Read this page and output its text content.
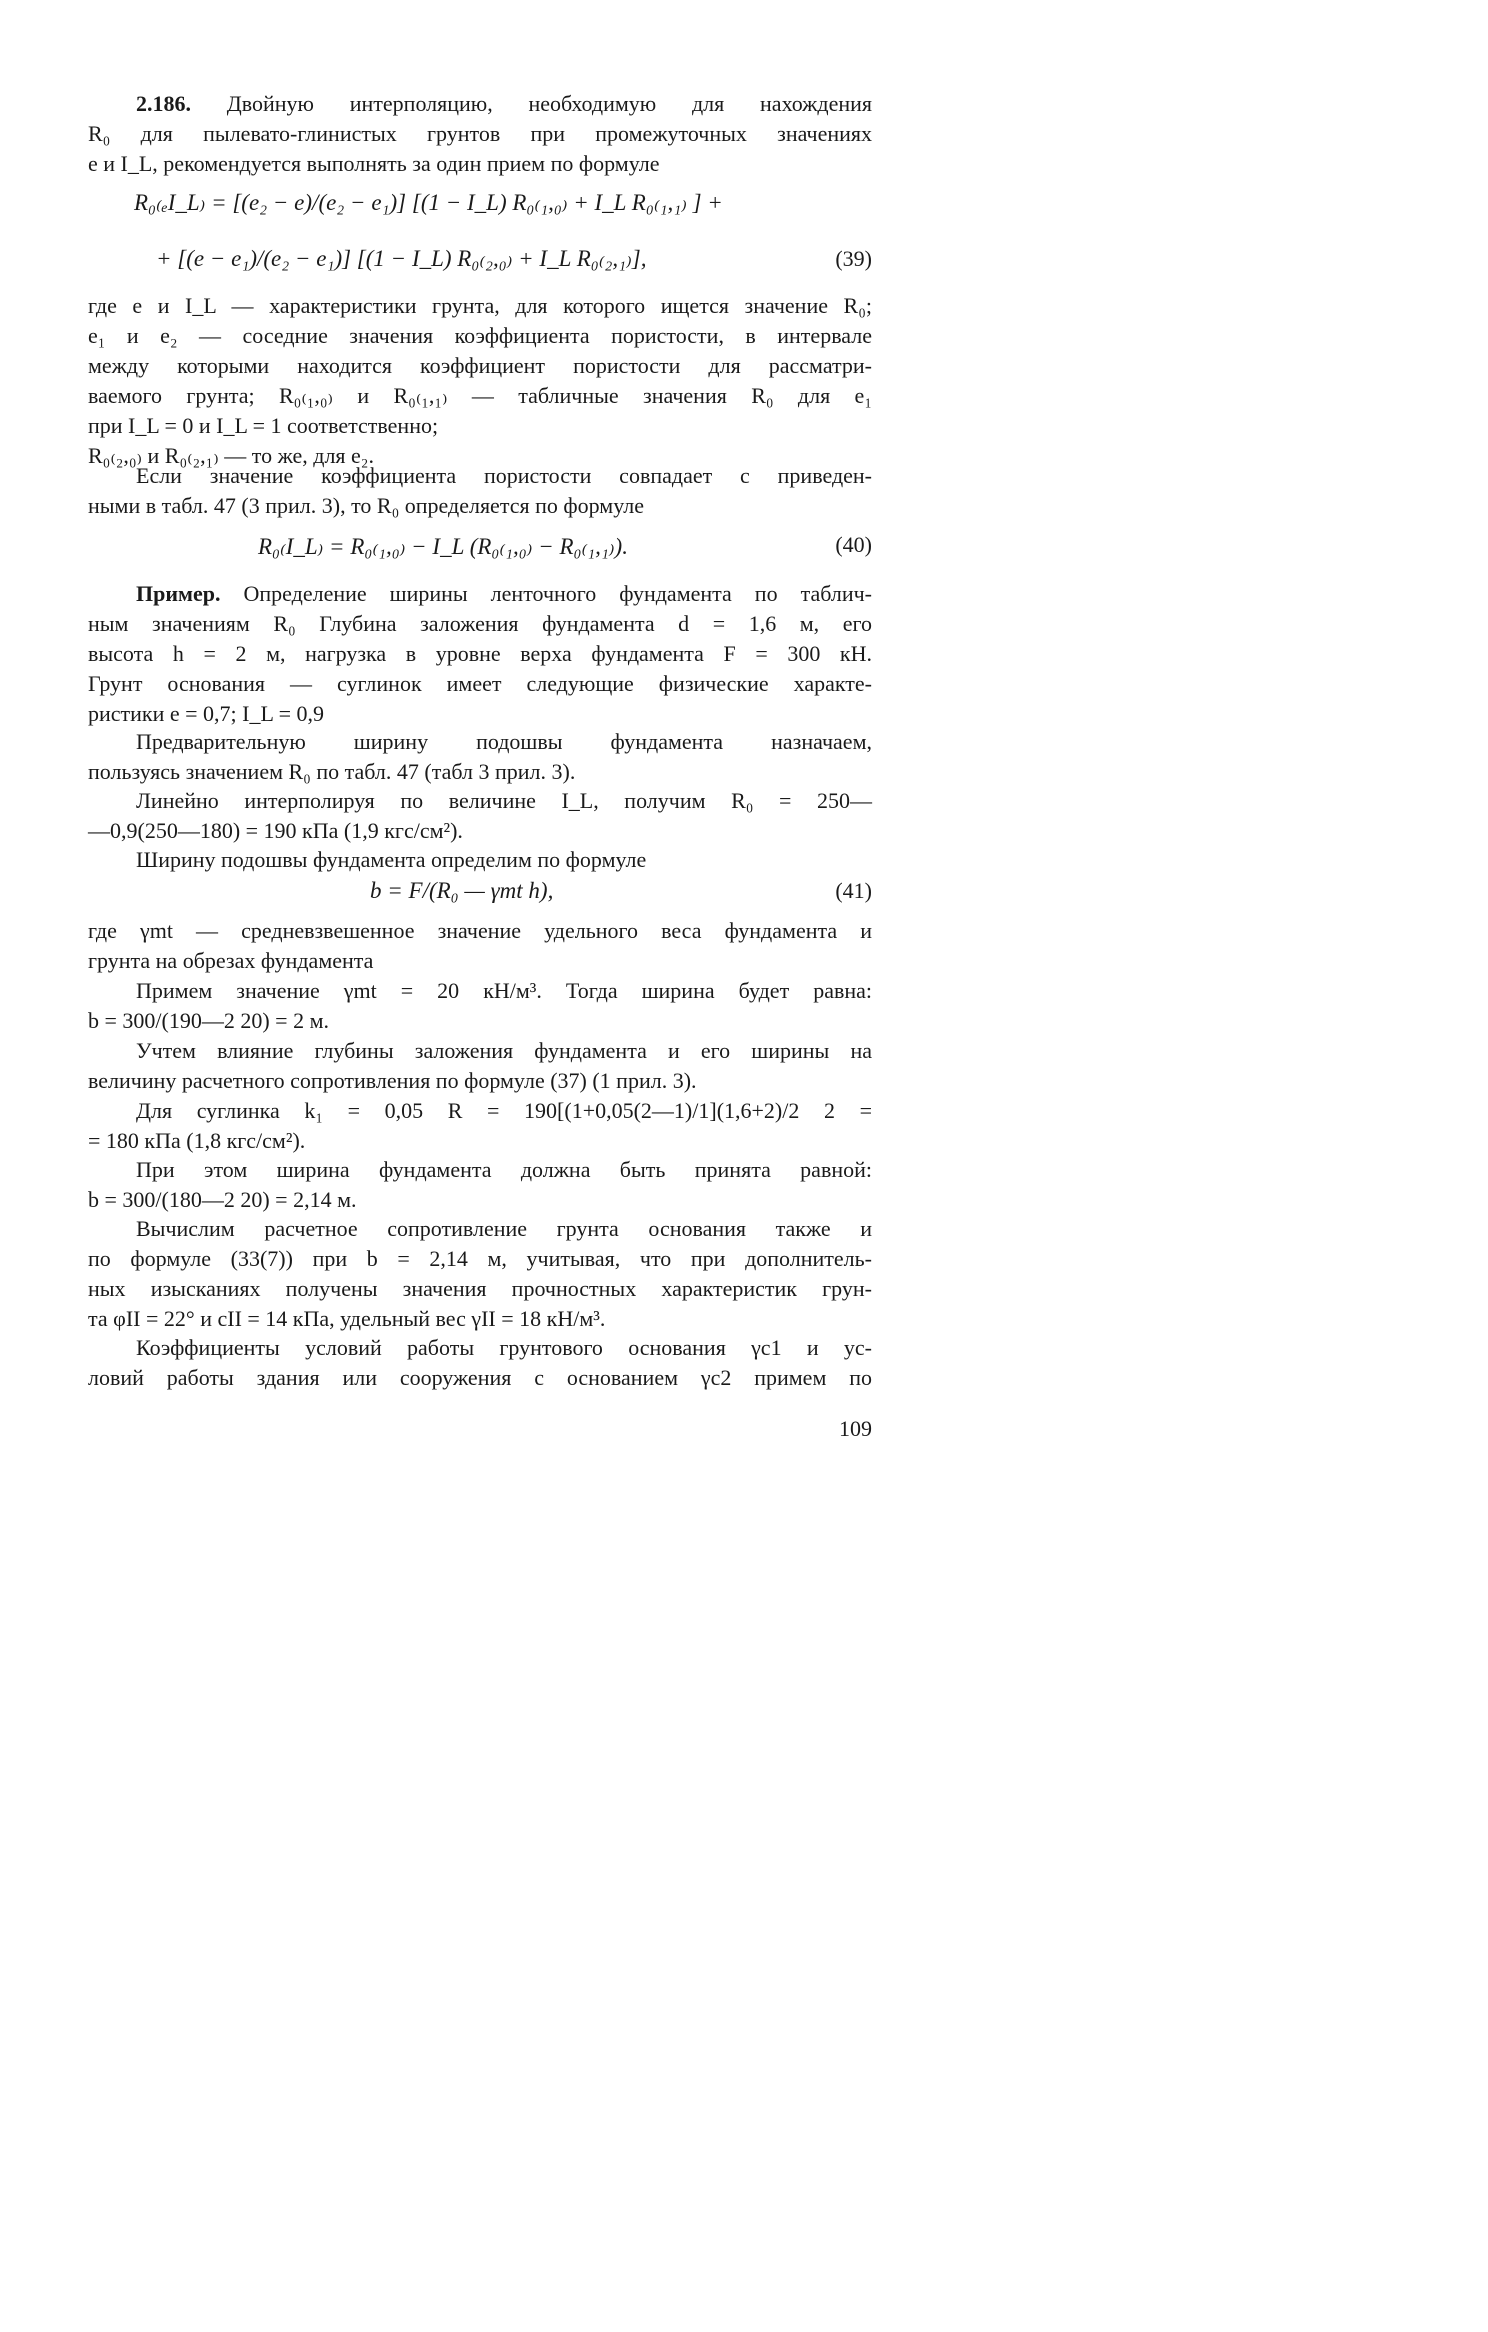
2.186. Двойную интерполяцию, необходимую для нахождения
R₀ для пылевато-глинистых грунтов при промежуточных значениях
e и I_L, рекомендуется выполнять за один прием по формуле

R₀₍ₑI_L₎ = [(e₂ − e)/(e₂ − e₁)] [(1 − I_L) R₀₍₁,₀₎ + I_L R₀₍₁,₁₎ ] +
+ [(e − e₁)/(e₂ − e₁)] [(1 − I_L) R₀₍₂,₀₎ + I_L R₀₍₂,₁₎],	(39)

где e и I_L — характеристики грунта, для которого ищется значение R₀;
e₁ и e₂ — соседние значения коэффициента пористости, в интервале
между которыми находится коэффициент пористости для рассматри-
ваемого грунта; R₀₍₁,₀₎ и R₀₍₁,₁₎ — табличные значения R₀ для e₁
при I_L = 0 и I_L = 1 соответственно;
R₀₍₂,₀₎ и R₀₍₂,₁₎ — то же, для e₂.

Если значение коэффициента пористости совпадает с приведен-
ными в табл. 47 (3 прил. 3), то R₀ определяется по формуле

R₀₍I_L₎ = R₀₍₁,₀₎ − I_L (R₀₍₁,₀₎ − R₀₍₁,₁₎).	(40)

Пример. Определение ширины ленточного фундамента по таблич-
ным значениям R₀ Глубина заложения фундамента d = 1,6 м, его
высота h = 2 м, нагрузка в уровне верха фундамента F = 300 кН.
Грунт основания — суглинок имеет следующие физические характе-
ристики e = 0,7; I_L = 0,9

Предварительную ширину подошвы фундамента назначаем,
пользуясь значением R₀ по табл. 47 (табл 3 прил. 3).

Линейно интерполируя по величине I_L, получим R₀ = 250—
—0,9(250—180) = 190 кПа (1,9 кгс/см²).

Ширину подошвы фундамента определим по формуле

b = F/(R₀ — γmt h),	(41)

где γmt — средневзвешенное значение удельного веса фундамента и
грунта на обрезах фундамента

Примем значение γmt = 20 кН/м³. Тогда ширина будет равна:
b = 300/(190—2 20) = 2 м.

Учтем влияние глубины заложения фундамента и его ширины на
величину расчетного сопротивления по формуле (37) (1 прил. 3).

Для суглинка k₁ = 0,05 R = 190[(1+0,05(2—1)/1](1,6+2)/2 2 =
= 180 кПа (1,8 кгс/см²).

При этом ширина фундамента должна быть принята равной:
b = 300/(180—2 20) = 2,14 м.

Вычислим расчетное сопротивление грунта основания также и
по формуле (33(7)) при b = 2,14 м, учитывая, что при дополнитель-
ных изысканиях получены значения прочностных характеристик грун-
та φII = 22° и cII = 14 кПа, удельный вес γII = 18 кН/м³.

Коэффициенты условий работы грунтового основания γc1 и ус-
ловий работы здания или сооружения с основанием γc2 примем по

109
